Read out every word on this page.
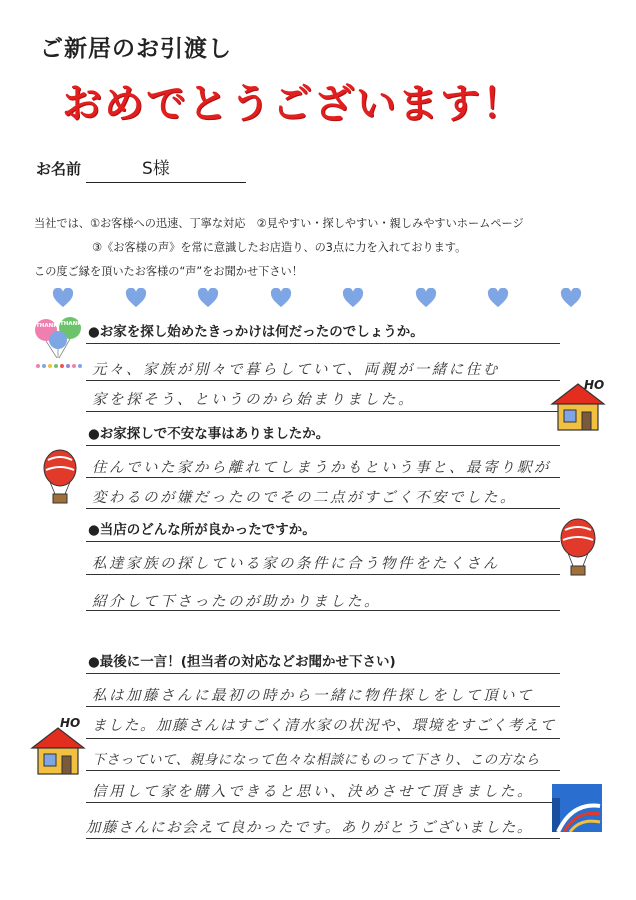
ご新居のお引渡し
おめでとうございます！
お名前	S様
当社では、①お客様への迅速、丁寧な対応　②見やすい・探しやすい・親しみやすいホームページ
③《お客様の声》を常に意識したお店造り、の3点に力を入れております。
この度ご縁を頂いたお客様の“声”をお聞かせ下さい！
THANK THANK ●お家を探し始めたきっかけは何だったのでしょうか。
元々、家族が別々で暮らしていて、両親が一緒に住む
家を探そう、というのから始まりました。
HO
●お家探しで不安な事はありましたか。
住んでいた家から離れてしまうかもという事と、最寄り駅が
変わるのが嫌だったのでその二点がすごく不安でした。
●当店のどんな所が良かったですか。
私達家族の探している家の条件に合う物件をたくさん
紹介して下さったのが助かりました。
●最後に一言！(担当者の対応などお聞かせ下さい)
私は加藤さんに最初の時から一緒に物件探しをして頂いて
ました。加藤さんはすごく清水家の状況や、環境をすごく考えて
下さっていて、親身になって色々な相談にものって下さり、この方なら
信用して家を購入できると思い、決めさせて頂きました。
加藤さんにお会えて良かったです。ありがとうございました。
HO
